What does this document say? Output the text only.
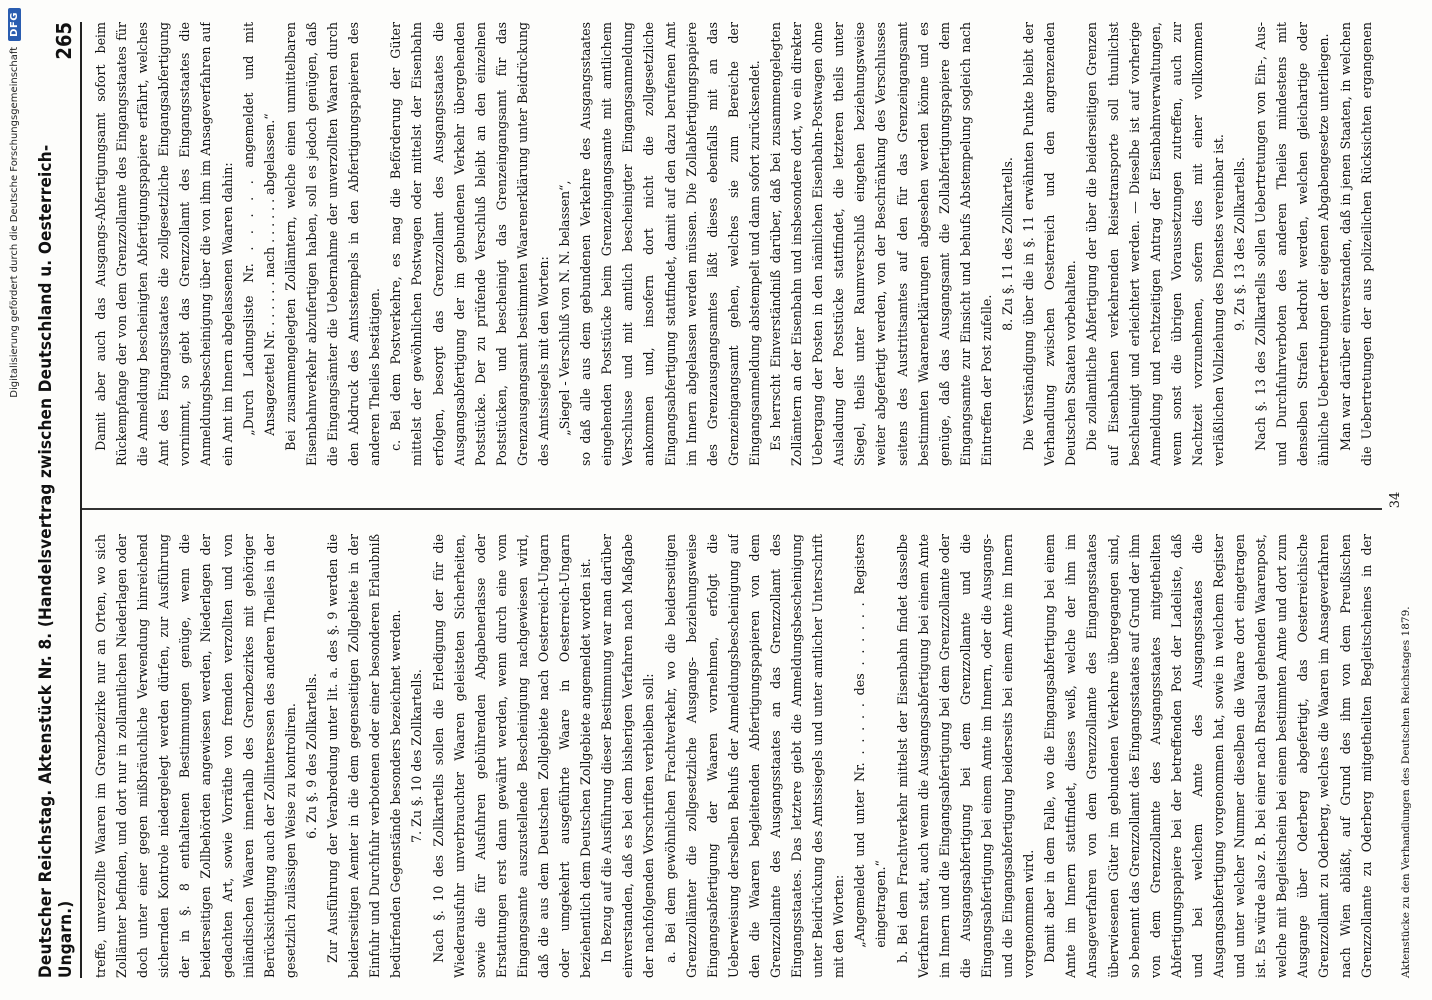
Digitalisierung gefördert durch die Deutsche Forschungsgemeinschaft
DFG
Deutscher Reichstag. Aktenstück Nr. 8. (Handelsvertrag zwischen Deutschland u. Oesterreich-Ungarn.)
265

treffe, unverzollte Waaren im Grenzbezirke nur an Orten, wo sich Zollämter befinden, und dort nur in zollamtlichen Niederlagen oder doch unter einer gegen mißbräuchliche Verwendung hinreichend sichernden Kontrole niedergelegt werden dürfen, zur Ausführung der in §. 8 enthaltenen Bestimmungen genüge, wenn die beiderseitigen Zollbehörden angewiesen werden, Niederlagen der gedachten Art, sowie Vorräthe von fremden verzollten und von inländischen Waaren innerhalb des Grenzbezirkes mit gehöriger Berücksichtigung auch der Zollinteressen des anderen Theiles in der gesetzlich zulässigen Weise zu kontroliren. 6. Zu §. 9 des Zollkartells. Zur Ausführung der Verabredung unter lit. a. des §. 9 werden die beiderseitigen Aemter in die dem gegenseitigen Zollgebiete in der Einfuhr und Durchfuhr verbotenen oder einer besonderen Erlaubniß bedürfenden Gegenstände besonders bezeichnet werden. 7. Zu §. 10 des Zollkartells. Nach §. 10 des Zollkartells sollen die Erledigung der für die Wiederausfuhr unverbrauchter Waaren geleisteten Sicherheiten, sowie die für Ausfuhren gebührenden Abgabenerlasse oder Erstattungen erst dann gewährt werden, wenn durch eine vom Eingangsamte auszustellende Bescheinigung nachgewiesen wird, daß die aus dem Deutschen Zollgebiete nach Oesterreich-Ungarn oder umgekehrt ausgeführte Waare in Oesterreich-Ungarn beziehentlich dem Deutschen Zollgebiete angemeldet worden ist. In Bezug auf die Ausführung dieser Bestimmung war man darüber einverstanden, daß es bei dem bisherigen Verfahren nach Maßgabe der nachfolgenden Vorschriften verbleiben soll: a. Bei dem gewöhnlichen Frachtverkehr, wo die beiderseitigen Grenzzollämter die zollgesetzliche Ausgangs- beziehungsweise Eingangsabfertigung der Waaren vornehmen, erfolgt die Ueberweisung derselben Behufs der Anmeldungsbescheinigung auf den die Waaren begleitenden Abfertigungspapieren von dem Grenzzollamte des Ausgangsstaates an das Grenzzollamt des Eingangsstaates. Das letztere giebt die Anmeldungsbescheinigung unter Beidrückung des Amtssiegels und unter amtlicher Unterschrift mit den Worten: „Angemeldet und unter Nr. . . . . . des . . . . . . Registers eingetragen.“ b. Bei dem Frachtverkehr mittelst der Eisenbahn findet dasselbe Verfahren statt, auch wenn die Ausgangsabfertigung bei einem Amte im Innern und die Eingangsabfertigung bei dem Grenzzollamte oder die Ausgangsabfertigung bei dem Grenzzollamte und die Eingangsabfertigung bei einem Amte im Innern, oder die Ausgangs- und die Eingangsabfertigung beiderseits bei einem Amte im Innern vorgenommen wird. Damit aber in dem Falle, wo die Eingangsabfertigung bei einem Amte im Innern stattfindet, dieses weiß, welche der ihm im Ansageverfahren von dem Grenzzollamte des Eingangsstaates überwiesenen Güter im gebundenen Verkehre übergegangen sind, so benennt das Grenzzollamt des Eingangsstaates auf Grund der ihm von dem Grenzzollamte des Ausgangsstaates mitgetheilten Abfertigungspapiere bei der betreffenden Post der Ladeliste, daß und bei welchem Amte des Ausgangsstaates die Ausgangsabfertigung vorgenommen hat, sowie in welchem Register und unter welcher Nummer dieselben die Waare dort eingetragen ist. Es würde also z. B. bei einer nach Breslau gehenden Waarenpost, welche mit Begleitschein bei einem bestimmten Amte und dort zum Ausgange über Oderberg abgefertigt, das Oesterreichische Grenzzollamt zu Oderberg, welches die Waaren im Ansageverfahren nach Wien abläßt, auf Grund des ihm von dem Preußischen Grenzzollamte zu Oderberg mitgetheilten Begleitscheines in der

Damit aber auch das Ausgangs-Abfertigungsamt sofort beim Rückempfange der von dem Grenzzollamte des Eingangsstaates für die Anmeldung bescheinigten Abfertigungspapiere erfährt, welches Amt des Eingangsstaates die zollgesetzliche Eingangsabfertigung vornimmt, so giebt das Grenzzollamt des Eingangsstaates die Anmeldungsbescheinigung über die von ihm im Ansageverfahren auf ein Amt im Innern abgelassenen Waaren dahin: „Durch Ladungsliste Nr. . . . . . angemeldet und mit Ansagezettel Nr. . . . . . . nach . . . . . . abgelassen.“ Bei zusammengelegten Zollämtern, welche einen unmittelbaren Eisenbahnverkehr abzufertigen haben, soll es jedoch genügen, daß die Eingangsämter die Uebernahme der unverzollten Waaren durch den Abdruck des Amtsstempels in den Abfertigungspapieren des anderen Theiles bestätigen. c. Bei dem Postverkehre, es mag die Beförderung der Güter mittelst der gewöhnlichen Postwagen oder mittelst der Eisenbahn erfolgen, besorgt das Grenzzollamt des Ausgangsstaates die Ausgangsabfertigung der im gebundenen Verkehr übergehenden Poststücke. Der zu prüfende Verschluß bleibt an den einzelnen Poststücken, und bescheinigt das Grenzeingangsamt für das Grenzausgangsamt bestimmten Waarenerklärung unter Beidrückung des Amtssiegels mit den Worten: „Siegel - Verschluß von N. N. belassen“, so daß alle aus dem gebundenen Verkehre des Ausgangsstaates eingehenden Poststücke beim Grenzeingangsamte mit amtlichem Verschlusse und mit amtlich bescheinigter Eingangsanmeldung ankommen und, insofern dort nicht die zollgesetzliche Eingangsabfertigung stattfindet, damit auf den dazu berufenen Amt im Innern abgelassen werden müssen. Die Zollabfertigungspapiere des Grenzausgangsamtes läßt dieses ebenfalls mit an das Grenzeingangsamt gehen, welches sie zum Bereiche der Eingangsanmeldung abstempelt und dann sofort zurücksendet. Es herrscht Einverständniß darüber, daß bei zusammengelegten Zollämtern an der Eisenbahn und insbesondere dort, wo ein direkter Uebergang der Posten in den nämlichen Eisenbahn-Postwagen ohne Ausladung der Poststücke stattfindet, die letzteren theils unter Siegel, theils unter Raumverschluß eingehen beziehungsweise weiter abgefertigt werden, von der Beschränkung des Verschlusses seitens des Austrittsamtes auf den für das Grenzeingangsamt bestimmten Waarenerklärungen abgesehen werden könne und es genüge, daß das Ausgangsamt die Zollabfertigungspapiere dem Eingangsamte zur Einsicht und behufs Abstempelung sogleich nach Eintreffen der Post zufelle.

8. Zu §. 11 des Zollkartells. Die Verständigung über die in §. 11 erwähnten Punkte bleibt der Verhandlung zwischen Oesterreich und den angrenzenden Deutschen Staaten vorbehalten. Die zollamtliche Abfertigung der über die beiderseitigen Grenzen auf Eisenbahnen verkehrenden Reisetransporte soll thunlichst beschleunigt und erleichtert werden. — Dieselbe ist auf vorherige Anmeldung und rechtzeitigen Antrag der Eisenbahnverwaltungen, wenn sonst die übrigen Voraussetzungen zutreffen, auch zur Nachtzeit vorzunehmen, sofern dies mit einer vollkommen verläßlichen Vollziehung des Dienstes vereinbar ist. 9. Zu §. 13 des Zollkartells. Nach §. 13 des Zollkartells sollen Uebertretungen von Ein-, Aus- und Durchfuhrverboten des anderen Theiles mindestens mit denselben Strafen bedroht werden, welchen gleichartige oder ähnliche Uebertretungen der eigenen Abgabengesetze unterliegen. Man war darüber einverstanden, daß in jenen Staaten, in welchen die Uebertretungen der aus polizeilichen Rücksichten ergangenen

34
Aktenstücke zu den Verhandlungen des Deutschen Reichstages 1879.
